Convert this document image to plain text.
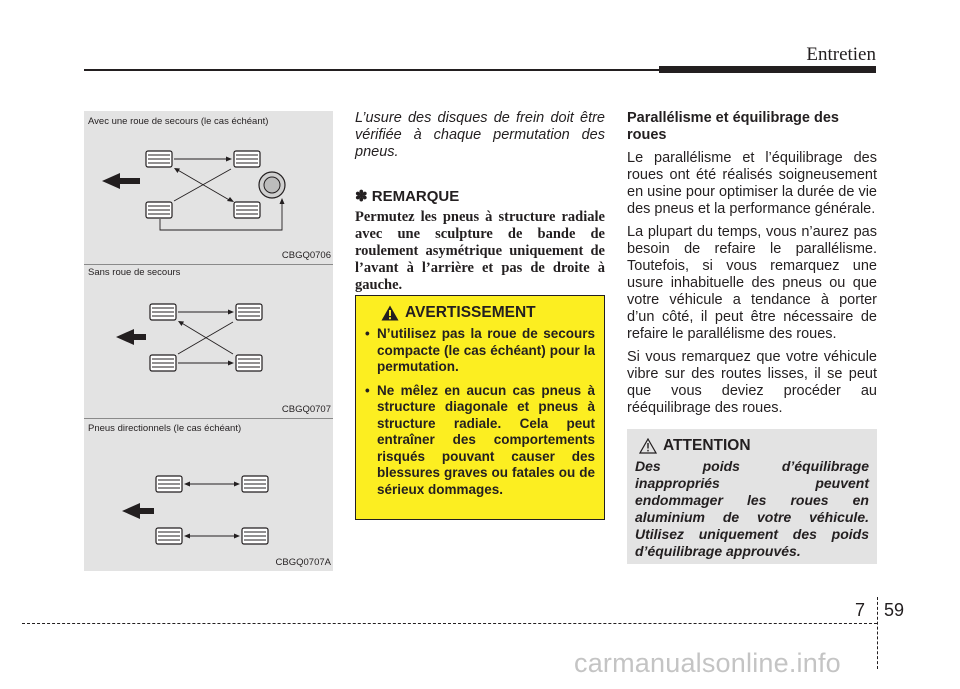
Entretien
Avec une roue de secours (le cas échéant)
CBGQ0706
Sans roue de secours
CBGQ0707
Pneus directionnels (le cas échéant)
CBGQ0707A

L’usure des disques de frein doit être vérifiée à chaque permutation des pneus.

✽ REMARQUE

Permutez les pneus à structure radiale avec une sculpture de bande de roulement asymétrique uniquement de l’avant à l’arrière et pas de droite à gauche.

AVERTISSEMENT
• N’utilisez pas la roue de secours compacte (le cas échéant) pour la permutation.
• Ne mêlez en aucun cas pneus à structure diagonale et pneus à structure radiale. Cela peut entraîner des comportements risqués pouvant causer des blessures graves ou fatales ou de sérieux dommages.

Parallélisme et équilibrage des roues

Le parallélisme et l’équilibrage des roues ont été réalisés soigneusement en usine pour optimiser la durée de vie des pneus et la performance générale.

La plupart du temps, vous n’aurez pas besoin de refaire le parallélisme. Toutefois, si vous remarquez une usure inhabituelle des pneus ou que votre véhicule a tendance à porter d’un côté, il peut être nécessaire de refaire le parallélisme des roues.

Si vous remarquez que votre véhicule vibre sur des routes lisses, il se peut que vous deviez procéder au rééquilibrage des roues.

ATTENTION

Des poids d’équilibrage inappropriés peuvent endommager les roues en aluminium de votre véhicule. Utilisez uniquement des poids d’équilibrage approuvés.

7 59
carmanualsonline.info
